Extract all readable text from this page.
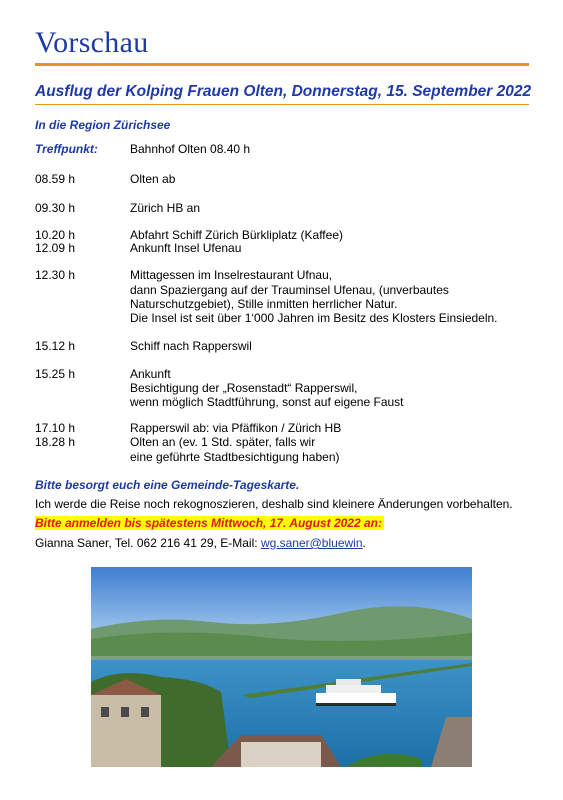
Vorschau
Ausflug der Kolping Frauen Olten, Donnerstag, 15. September 2022
In die Region Zürichsee
Treffpunkt:	Bahnhof Olten 08.40 h
08.59 h	Olten ab
09.30 h	Zürich HB an
10.20 h	Abfahrt Schiff Zürich Bürkliplatz (Kaffee)
12.09 h	Ankunft Insel Ufenau
12.30 h	Mittagessen im Inselrestaurant Ufnau,
dann Spaziergang auf der Trauminsel Ufenau, (unverbautes
Naturschutzgebiet), Stille inmitten herrlicher Natur.
Die Insel ist seit über 1‘000 Jahren im Besitz des Klosters Einsiedeln.
15.12 h	Schiff nach Rapperswil
15.25 h	Ankunft
Besichtigung der „Rosenstadt“ Rapperswil,
wenn möglich Stadtführung, sonst auf eigene Faust
17.10 h	Rapperswil ab: via Pfäffikon / Zürich HB
18.28 h	Olten an (ev. 1 Std. später, falls wir
eine geführte Stadtbesichtigung haben)
Bitte besorgt euch eine Gemeinde-Tageskarte.
Ich werde die Reise noch rekognoszieren, deshalb sind kleinere Änderungen vorbehalten.
Bitte anmelden bis spätestens Mittwoch, 17. August 2022 an:
Gianna Saner, Tel. 062 216 41 29, E-Mail: wg.saner@bluewin.
